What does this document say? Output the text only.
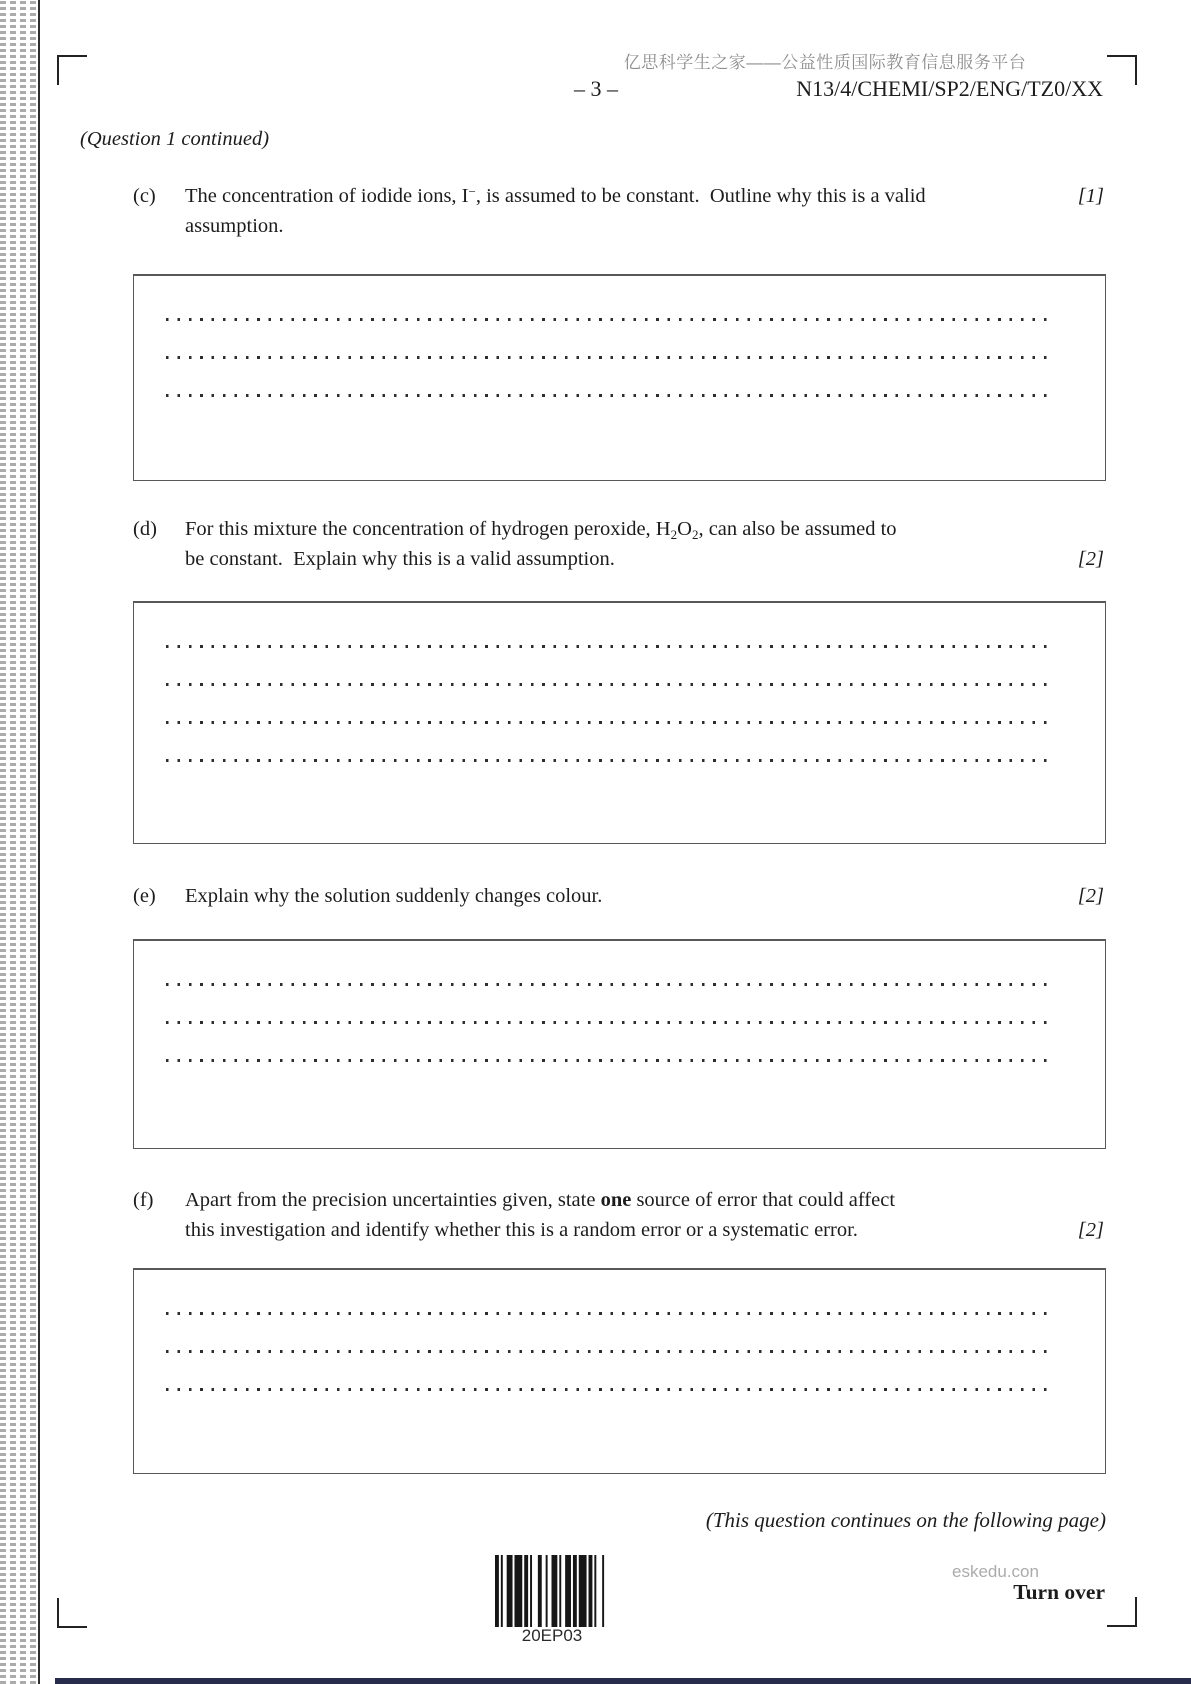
亿思科学生之家——公益性质国际教育信息服务平台
– 3 –	N13/4/CHEMI/SP2/ENG/TZ0/XX
(Question 1 continued)
(c) The concentration of iodide ions, I−, is assumed to be constant.  Outline why this is a valid
assumption.
[1]
(d) For this mixture the concentration of hydrogen peroxide, $H_2O_2$, can also be assumed to
be constant.  Explain why this is a valid assumption.	[2]
(e) Explain why the solution suddenly changes colour.	[2]
(f) Apart from the precision uncertainties given, state one source of error that could affect
this investigation and identify whether this is a random error or a systematic error.	[2]
(This question continues on the following page)
20EP03
eskedu.con
Turn over
